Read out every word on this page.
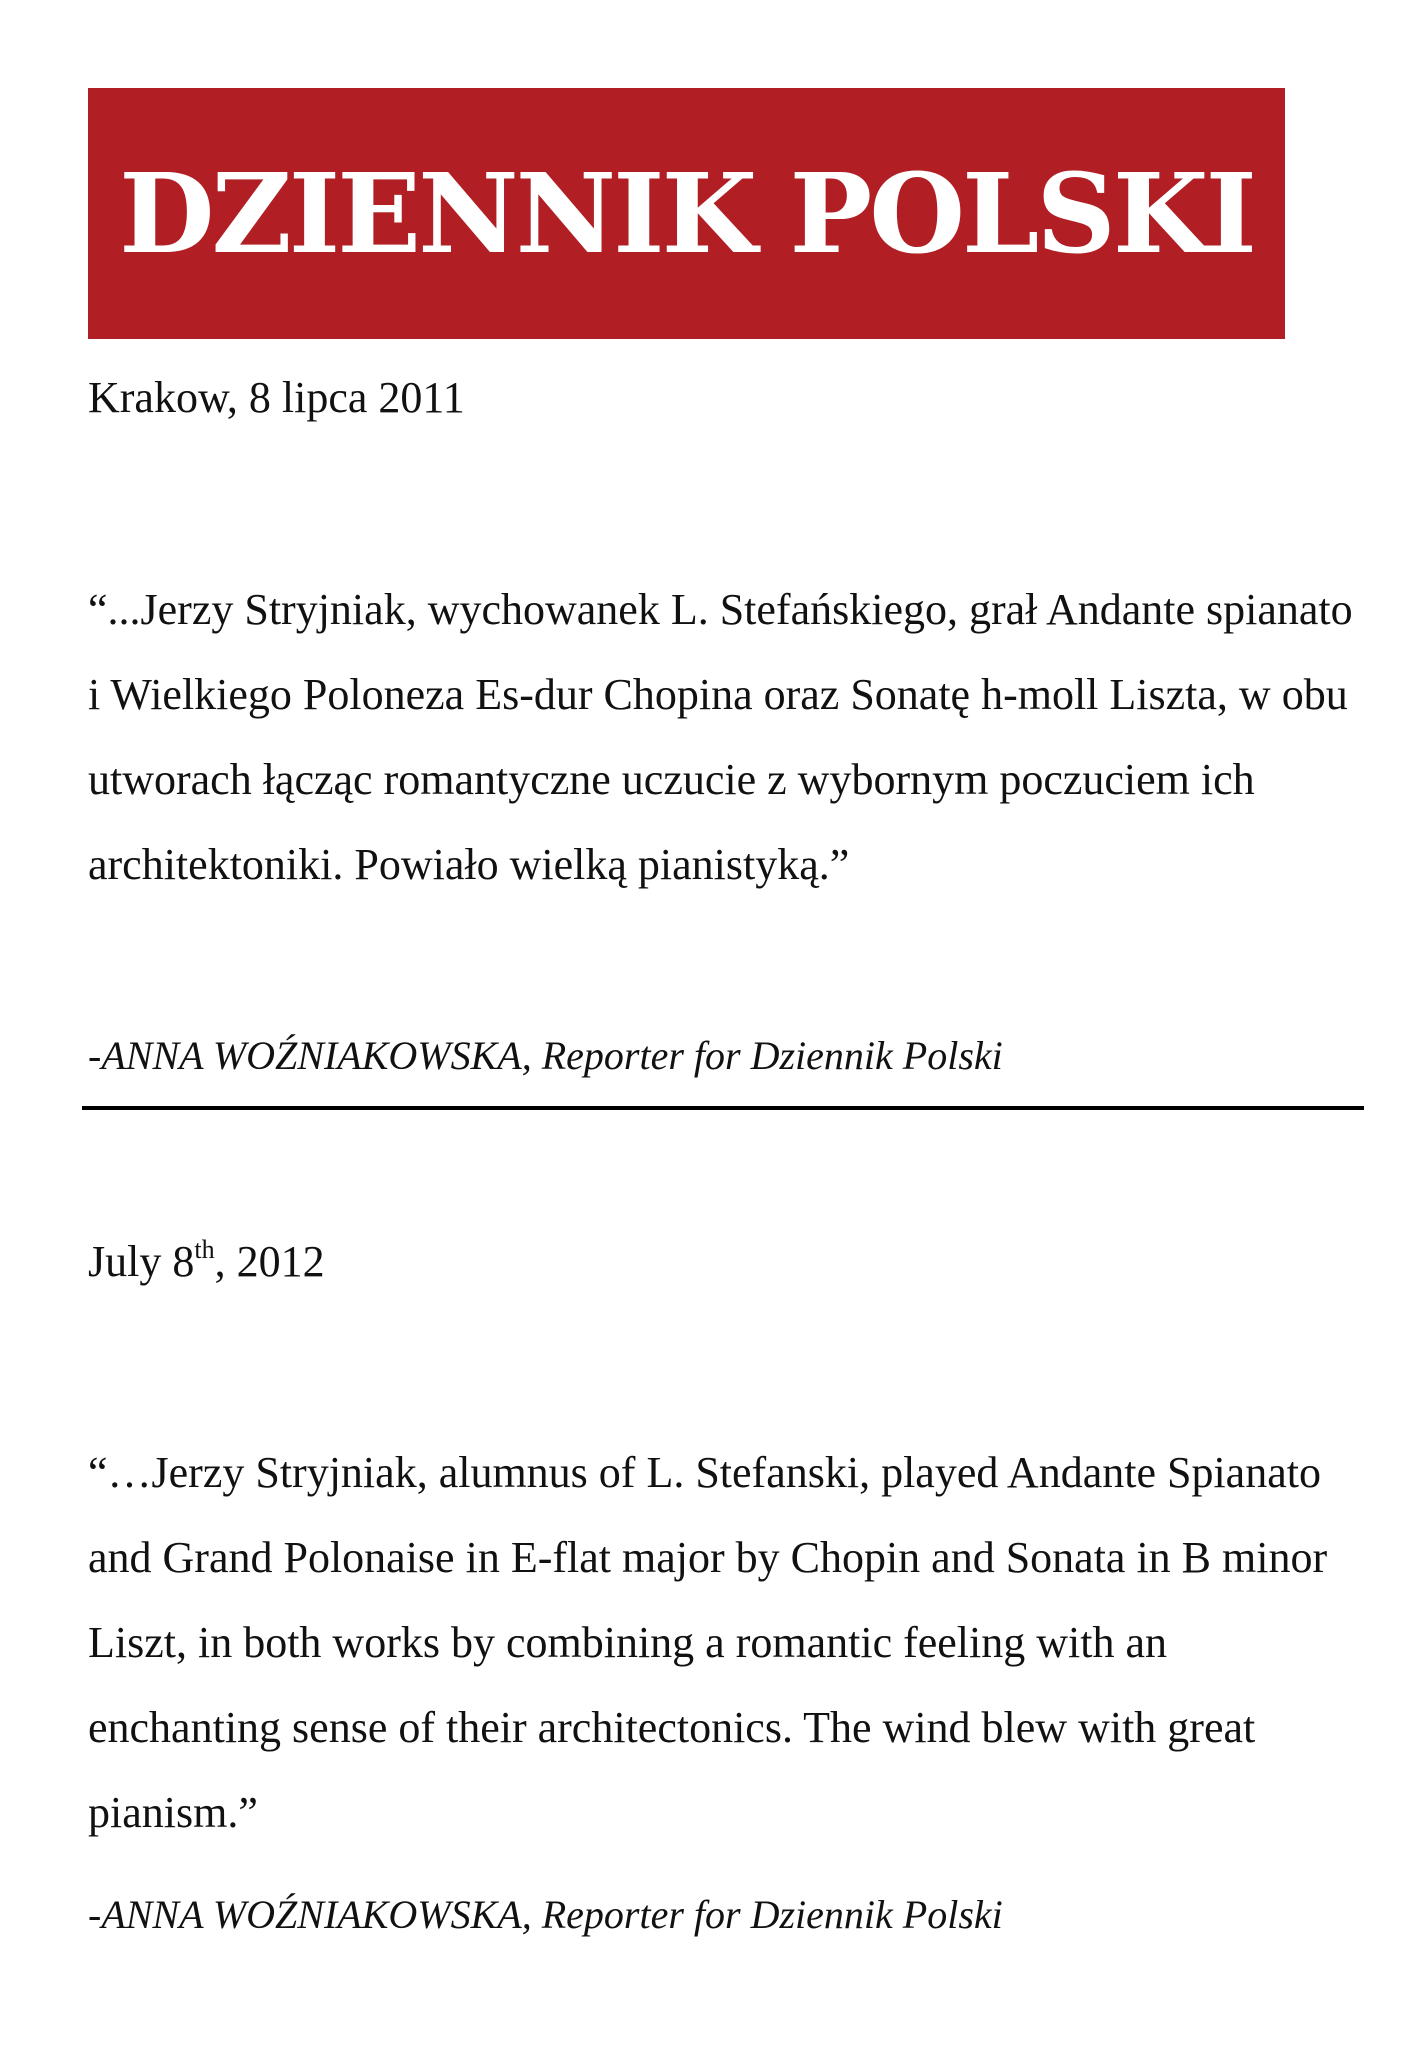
DZIENNIK POLSKI
Krakow, 8 lipca 2011

“...Jerzy Stryjniak, wychowanek L. Stefańskiego, grał Andante spianato i Wielkiego Poloneza Es-dur Chopina oraz Sonatę h-moll Liszta, w obu utworach łącząc romantyczne uczucie z wybornym poczuciem ich architektoniki. Powiało wielką pianistyką.”

-ANNA WOŹNIAKOWSKA, Reporter for Dziennik Polski
July 8th, 2012

“…Jerzy Stryjniak, alumnus of L. Stefanski, played Andante Spianato and Grand Polonaise in E-flat major by Chopin and Sonata in B minor Liszt, in both works by combining a romantic feeling with an enchanting sense of their architectonics. The wind blew with great pianism.”

-ANNA WOŹNIAKOWSKA, Reporter for Dziennik Polski
